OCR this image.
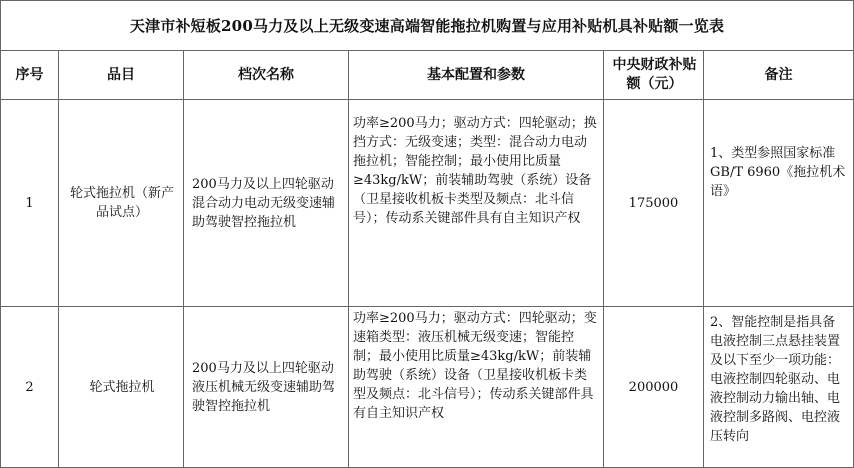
天津市补短板200马力及以上无级变速高端智能拖拉机购置与应用补贴机具补贴额一览表					
序号	品目	档次名称	基本配置和参数	中央财政补贴额（元）	备注
1	轮式拖拉机（新产品试点）	200马力及以上四轮驱动混合动力电动无级变速辅助驾驶智控拖拉机	功率≥200马力；驱动方式：四轮驱动；换挡方式：无级变速；类型：混合动力电动拖拉机；智能控制；最小使用比质量≥43kg/kW；前装辅助驾驶（系统）设备（卫星接收机板卡类型及频点：北斗信号）；传动系关键部件具有自主知识产权	175000	1、类型参照国家标准GB/T 6960《拖拉机术语》
2	轮式拖拉机	200马力及以上四轮驱动液压机械无级变速辅助驾驶智控拖拉机	功率≥200马力；驱动方式：四轮驱动；变速箱类型：液压机械无级变速；智能控制；最小使用比质量≥43kg/kW；前装辅助驾驶（系统）设备（卫星接收机板卡类型及频点：北斗信号）；传动系关键部件具有自主知识产权	200000	2、智能控制是指具备电液控制三点悬挂装置及以下至少一项功能：电液控制四轮驱动、电液控制动力输出轴、电液控制多路阀、电控液压转向
